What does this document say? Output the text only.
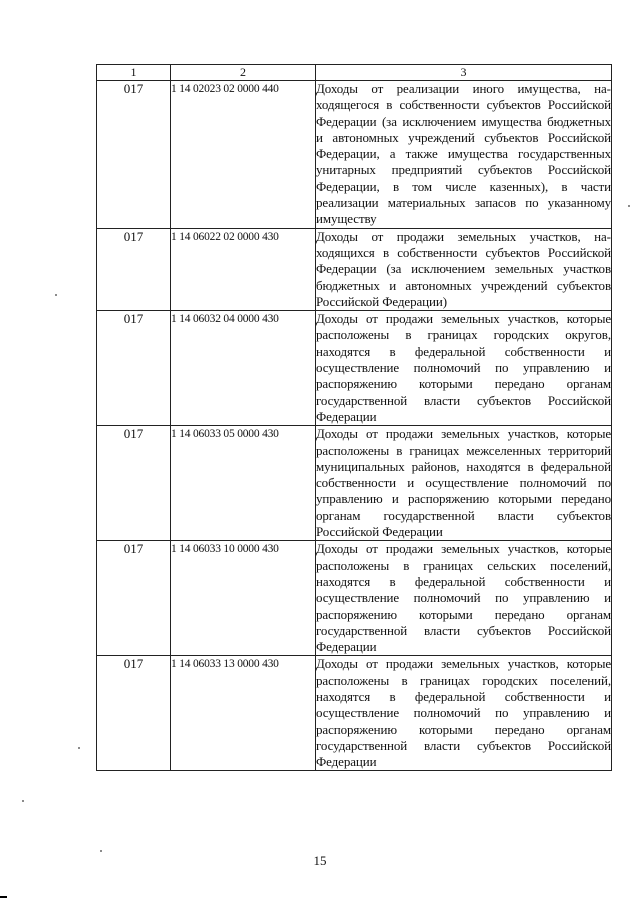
1	2	3
017	1 14 02023 02 0000 440	Доходы от реализации иного имущества, находящегося в собственности субъектов Российской Федерации (за исключением имущества бюджетных и автономных учреждений субъектов Российской Федерации, а также имущества государственных унитарных предприятий субъектов Российской Федерации, в том числе казенных), в части реализации материальных запасов по указанному имуществу
017	1 14 06022 02 0000 430	Доходы от продажи земельных участков, находящихся в собственности субъектов Российской Федерации (за исключением земельных участков бюджетных и автономных учреждений субъектов Российской Федерации)
017	1 14 06032 04 0000 430	Доходы от продажи земельных участков, которые расположены в границах городских округов, находятся в федеральной собственности и осуществление полномочий по управлению и распоряжению которыми передано органам государственной власти субъектов Российской Федерации
017	1 14 06033 05 0000 430	Доходы от продажи земельных участков, которые расположены в границах межселенных территорий муниципальных районов, находятся в федеральной собственности и осуществление полномочий по управлению и распоряжению которыми передано органам государственной власти субъектов Российской Федерации
017	1 14 06033 10 0000 430	Доходы от продажи земельных участков, которые расположены в границах сельских поселений, находятся в федеральной собственности и осуществление полномочий по управлению и распоряжению которыми передано органам государственной власти субъектов Российской Федерации
017	1 14 06033 13 0000 430	Доходы от продажи земельных участков, которые расположены в границах городских поселений, находятся в федеральной собственности и осуществление полномочий по управлению и распоряжению которыми передано органам государственной власти субъектов Российской Федерации
15
